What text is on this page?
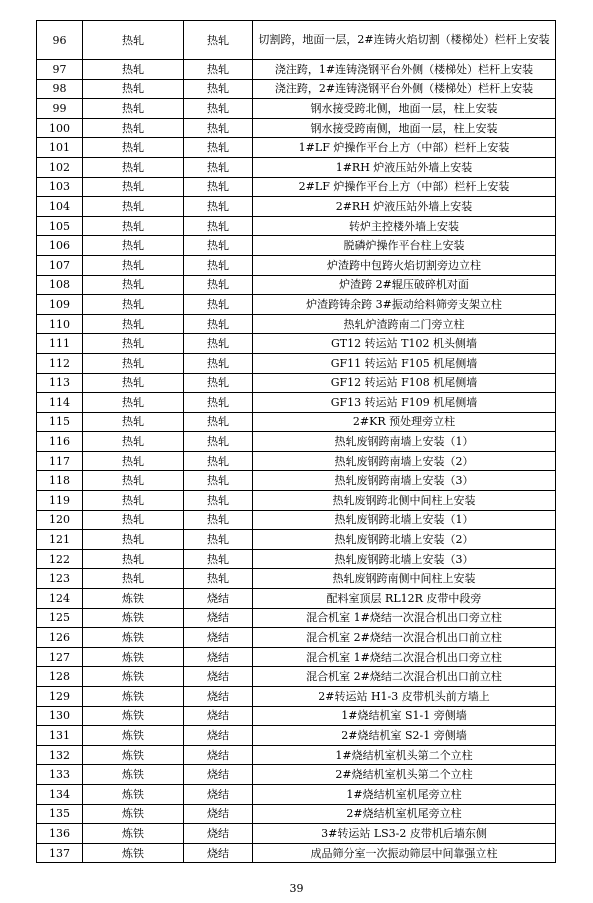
96	热轧	热轧	切割跨，地面一层，2#连铸火焰切割（楼梯处）栏杆上安装
97	热轧	热轧	浇注跨，1#连铸浇钢平台外侧（楼梯处）栏杆上安装
98	热轧	热轧	浇注跨，2#连铸浇钢平台外侧（楼梯处）栏杆上安装
99	热轧	热轧	钢水接受跨北侧，地面一层，柱上安装
100	热轧	热轧	钢水接受跨南侧，地面一层，柱上安装
101	热轧	热轧	1#LF 炉操作平台上方（中部）栏杆上安装
102	热轧	热轧	1#RH 炉液压站外墙上安装
103	热轧	热轧	2#LF 炉操作平台上方（中部）栏杆上安装
104	热轧	热轧	2#RH 炉液压站外墙上安装
105	热轧	热轧	转炉主控楼外墙上安装
106	热轧	热轧	脱磷炉操作平台柱上安装
107	热轧	热轧	炉渣跨中包跨火焰切割旁边立柱
108	热轧	热轧	炉渣跨 2#辊压破碎机对面
109	热轧	热轧	炉渣跨铸余跨 3#振动给料筛旁支架立柱
110	热轧	热轧	热轧炉渣跨南二门旁立柱
111	热轧	热轧	GT12 转运站 T102 机头侧墙
112	热轧	热轧	GF11 转运站 F105 机尾侧墙
113	热轧	热轧	GF12 转运站 F108 机尾侧墙
114	热轧	热轧	GF13 转运站 F109 机尾侧墙
115	热轧	热轧	2#KR 预处理旁立柱
116	热轧	热轧	热轧废钢跨南墙上安装（1）
117	热轧	热轧	热轧废钢跨南墙上安装（2）
118	热轧	热轧	热轧废钢跨南墙上安装（3）
119	热轧	热轧	热轧废钢跨北侧中间柱上安装
120	热轧	热轧	热轧废钢跨北墙上安装（1）
121	热轧	热轧	热轧废钢跨北墙上安装（2）
122	热轧	热轧	热轧废钢跨北墙上安装（3）
123	热轧	热轧	热轧废钢跨南侧中间柱上安装
124	炼铁	烧结	配料室顶层 RL12R 皮带中段旁
125	炼铁	烧结	混合机室 1#烧结一次混合机出口旁立柱
126	炼铁	烧结	混合机室 2#烧结一次混合机出口前立柱
127	炼铁	烧结	混合机室 1#烧结二次混合机出口旁立柱
128	炼铁	烧结	混合机室 2#烧结二次混合机出口前立柱
129	炼铁	烧结	2#转运站 H1-3 皮带机头前方墙上
130	炼铁	烧结	1#烧结机室 S1-1 旁侧墙
131	炼铁	烧结	2#烧结机室 S2-1 旁侧墙
132	炼铁	烧结	1#烧结机室机头第二个立柱
133	炼铁	烧结	2#烧结机室机头第二个立柱
134	炼铁	烧结	1#烧结机室机尾旁立柱
135	炼铁	烧结	2#烧结机室机尾旁立柱
136	炼铁	烧结	3#转运站 LS3-2 皮带机后墙东侧
137	炼铁	烧结	成品筛分室一次振动筛层中间靠强立柱
39
